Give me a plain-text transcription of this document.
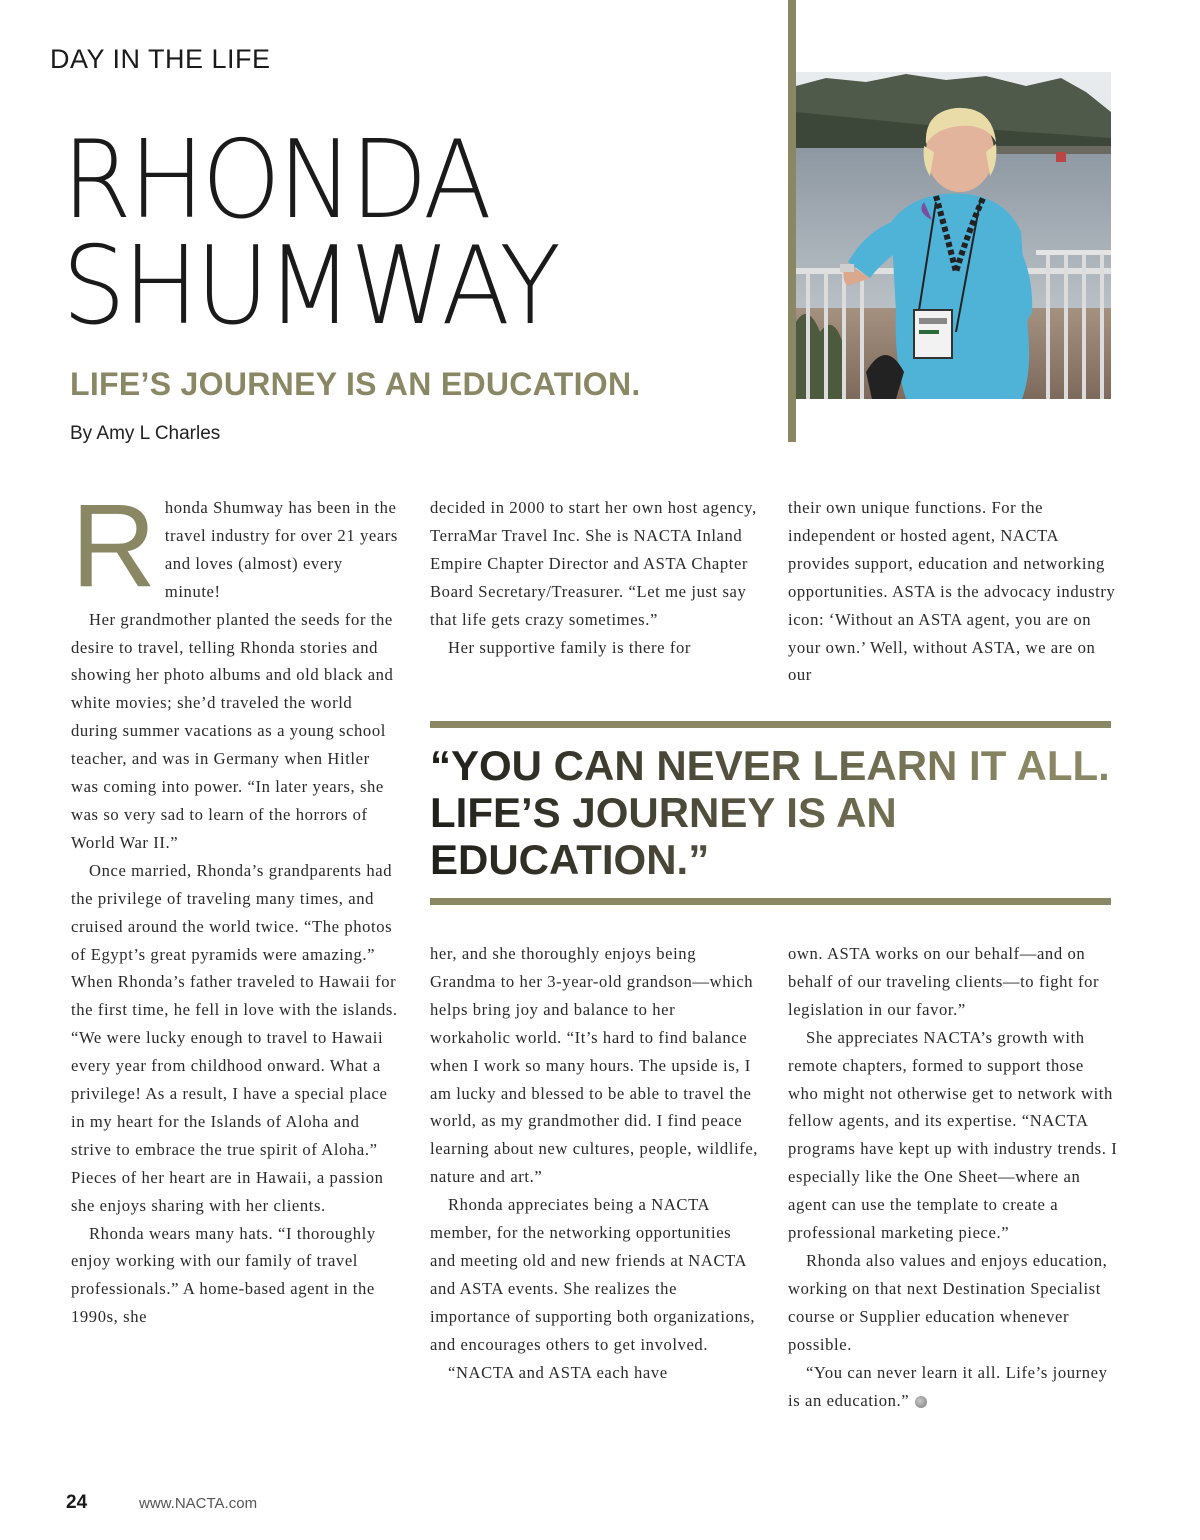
DAY IN THE LIFE
RHONDA
SHUMWAY
LIFE’S JOURNEY IS AN EDUCATION.
By Amy L Charles

Rhonda Shumway has been in the travel industry for over 21 years and loves (almost) every minute!

Her grandmother planted the seeds for the desire to travel, telling Rhonda stories and showing her photo albums and old black and white movies; she’d traveled the world during summer vacations as a young school teacher, and was in Germany when Hitler was coming into power. “In later years, she was so very sad to learn of the horrors of World War II.”

Once married, Rhonda’s grandparents had the privilege of traveling many times, and cruised around the world twice. “The photos of Egypt’s great pyramids were amazing.” When Rhonda’s father traveled to Hawaii for the first time, he fell in love with the islands. “We were lucky enough to travel to Hawaii every year from childhood onward. What a privilege! As a result, I have a special place in my heart for the Islands of Aloha and strive to embrace the true spirit of Aloha.” Pieces of her heart are in Hawaii, a passion she enjoys sharing with her clients.

Rhonda wears many hats. “I thoroughly enjoy working with our family of travel professionals.” A home-based agent in the 1990s, she

decided in 2000 to start her own host agency, TerraMar Travel Inc. She is NACTA Inland Empire Chapter Director and ASTA Chapter Board Secretary/Treasurer. “Let me just say that life gets crazy sometimes.”

Her supportive family is there for

their own unique functions. For the independent or hosted agent, NACTA provides support, education and networking opportunities. ASTA is the advocacy industry icon: ‘Without an ASTA agent, you are on your own.’ Well, without ASTA, we are on our

“YOU CAN NEVER LEARN IT ALL. LIFE’S JOURNEY IS AN EDUCATION.”

her, and she thoroughly enjoys being Grandma to her 3-year-old grandson—which helps bring joy and balance to her workaholic world. “It’s hard to find balance when I work so many hours. The upside is, I am lucky and blessed to be able to travel the world, as my grandmother did. I find peace learning about new cultures, people, wildlife, nature and art.”

Rhonda appreciates being a NACTA member, for the networking opportunities and meeting old and new friends at NACTA and ASTA events. She realizes the importance of supporting both organizations, and encourages others to get involved.

“NACTA and ASTA each have

own. ASTA works on our behalf—and on behalf of our traveling clients—to fight for legislation in our favor.”

She appreciates NACTA’s growth with remote chapters, formed to support those who might not otherwise get to network with fellow agents, and its expertise. “NACTA programs have kept up with industry trends. I especially like the One Sheet—where an agent can use the template to create a professional marketing piece.”

Rhonda also values and enjoys education, working on that next Destination Specialist course or Supplier education whenever possible.

“You can never learn it all. Life’s journey is an education.”

24	www.NACTA.com
